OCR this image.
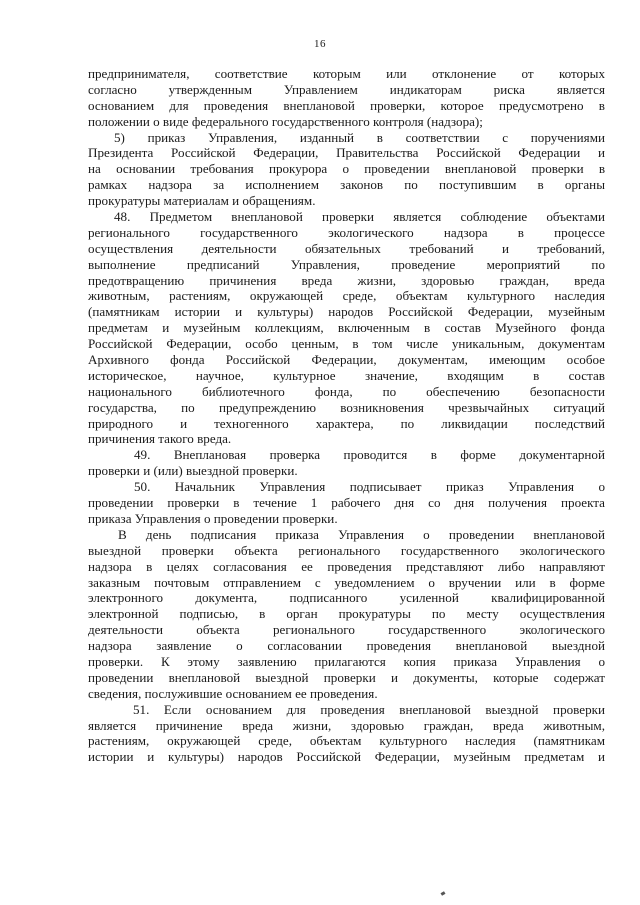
16
предпринимателя, соответствие которым или отклонение от которых
согласно утвержденным Управлением индикаторам риска является
основанием для проведения внеплановой проверки, которое предусмотрено в
положении о виде федерального государственного контроля (надзора);
5) приказ Управления, изданный в соответствии с поручениями
Президента Российской Федерации, Правительства Российской Федерации и
на основании требования прокурора о проведении внеплановой проверки в
рамках надзора за исполнением законов по поступившим в органы
прокуратуры материалам и обращениям.
48. Предметом внеплановой проверки является соблюдение объектами
регионального государственного экологического надзора в процессе
осуществления деятельности обязательных требований и требований,
выполнение предписаний Управления, проведение мероприятий по
предотвращению причинения вреда жизни, здоровью граждан, вреда
животным, растениям, окружающей среде, объектам культурного наследия
(памятникам истории и культуры) народов Российской Федерации, музейным
предметам и музейным коллекциям, включенным в состав Музейного фонда
Российской Федерации, особо ценным, в том числе уникальным, документам
Архивного фонда Российской Федерации, документам, имеющим особое
историческое, научное, культурное значение, входящим в состав
национального библиотечного фонда, по обеспечению безопасности
государства, по предупреждению возникновения чрезвычайных ситуаций
природного и техногенного характера, по ликвидации последствий
причинения такого вреда.
49. Внеплановая проверка проводится в форме документарной
проверки и (или) выездной проверки.
50. Начальник Управления подписывает приказ Управления о
проведении проверки в течение 1 рабочего дня со дня получения проекта
приказа Управления о проведении проверки.
В день подписания приказа Управления о проведении внеплановой
выездной проверки объекта регионального государственного экологического
надзора в целях согласования ее проведения представляют либо направляют
заказным почтовым отправлением с уведомлением о вручении или в форме
электронного документа, подписанного усиленной квалифицированной
электронной подписью, в орган прокуратуры по месту осуществления
деятельности объекта регионального государственного экологического
надзора заявление о согласовании проведения внеплановой выездной
проверки. К этому заявлению прилагаются копия приказа Управления о
проведении внеплановой выездной проверки и документы, которые содержат
сведения, послужившие основанием ее проведения.
51. Если основанием для проведения внеплановой выездной проверки
является причинение вреда жизни, здоровью граждан, вреда животным,
растениям, окружающей среде, объектам культурного наследия (памятникам
истории и культуры) народов Российской Федерации, музейным предметам и
